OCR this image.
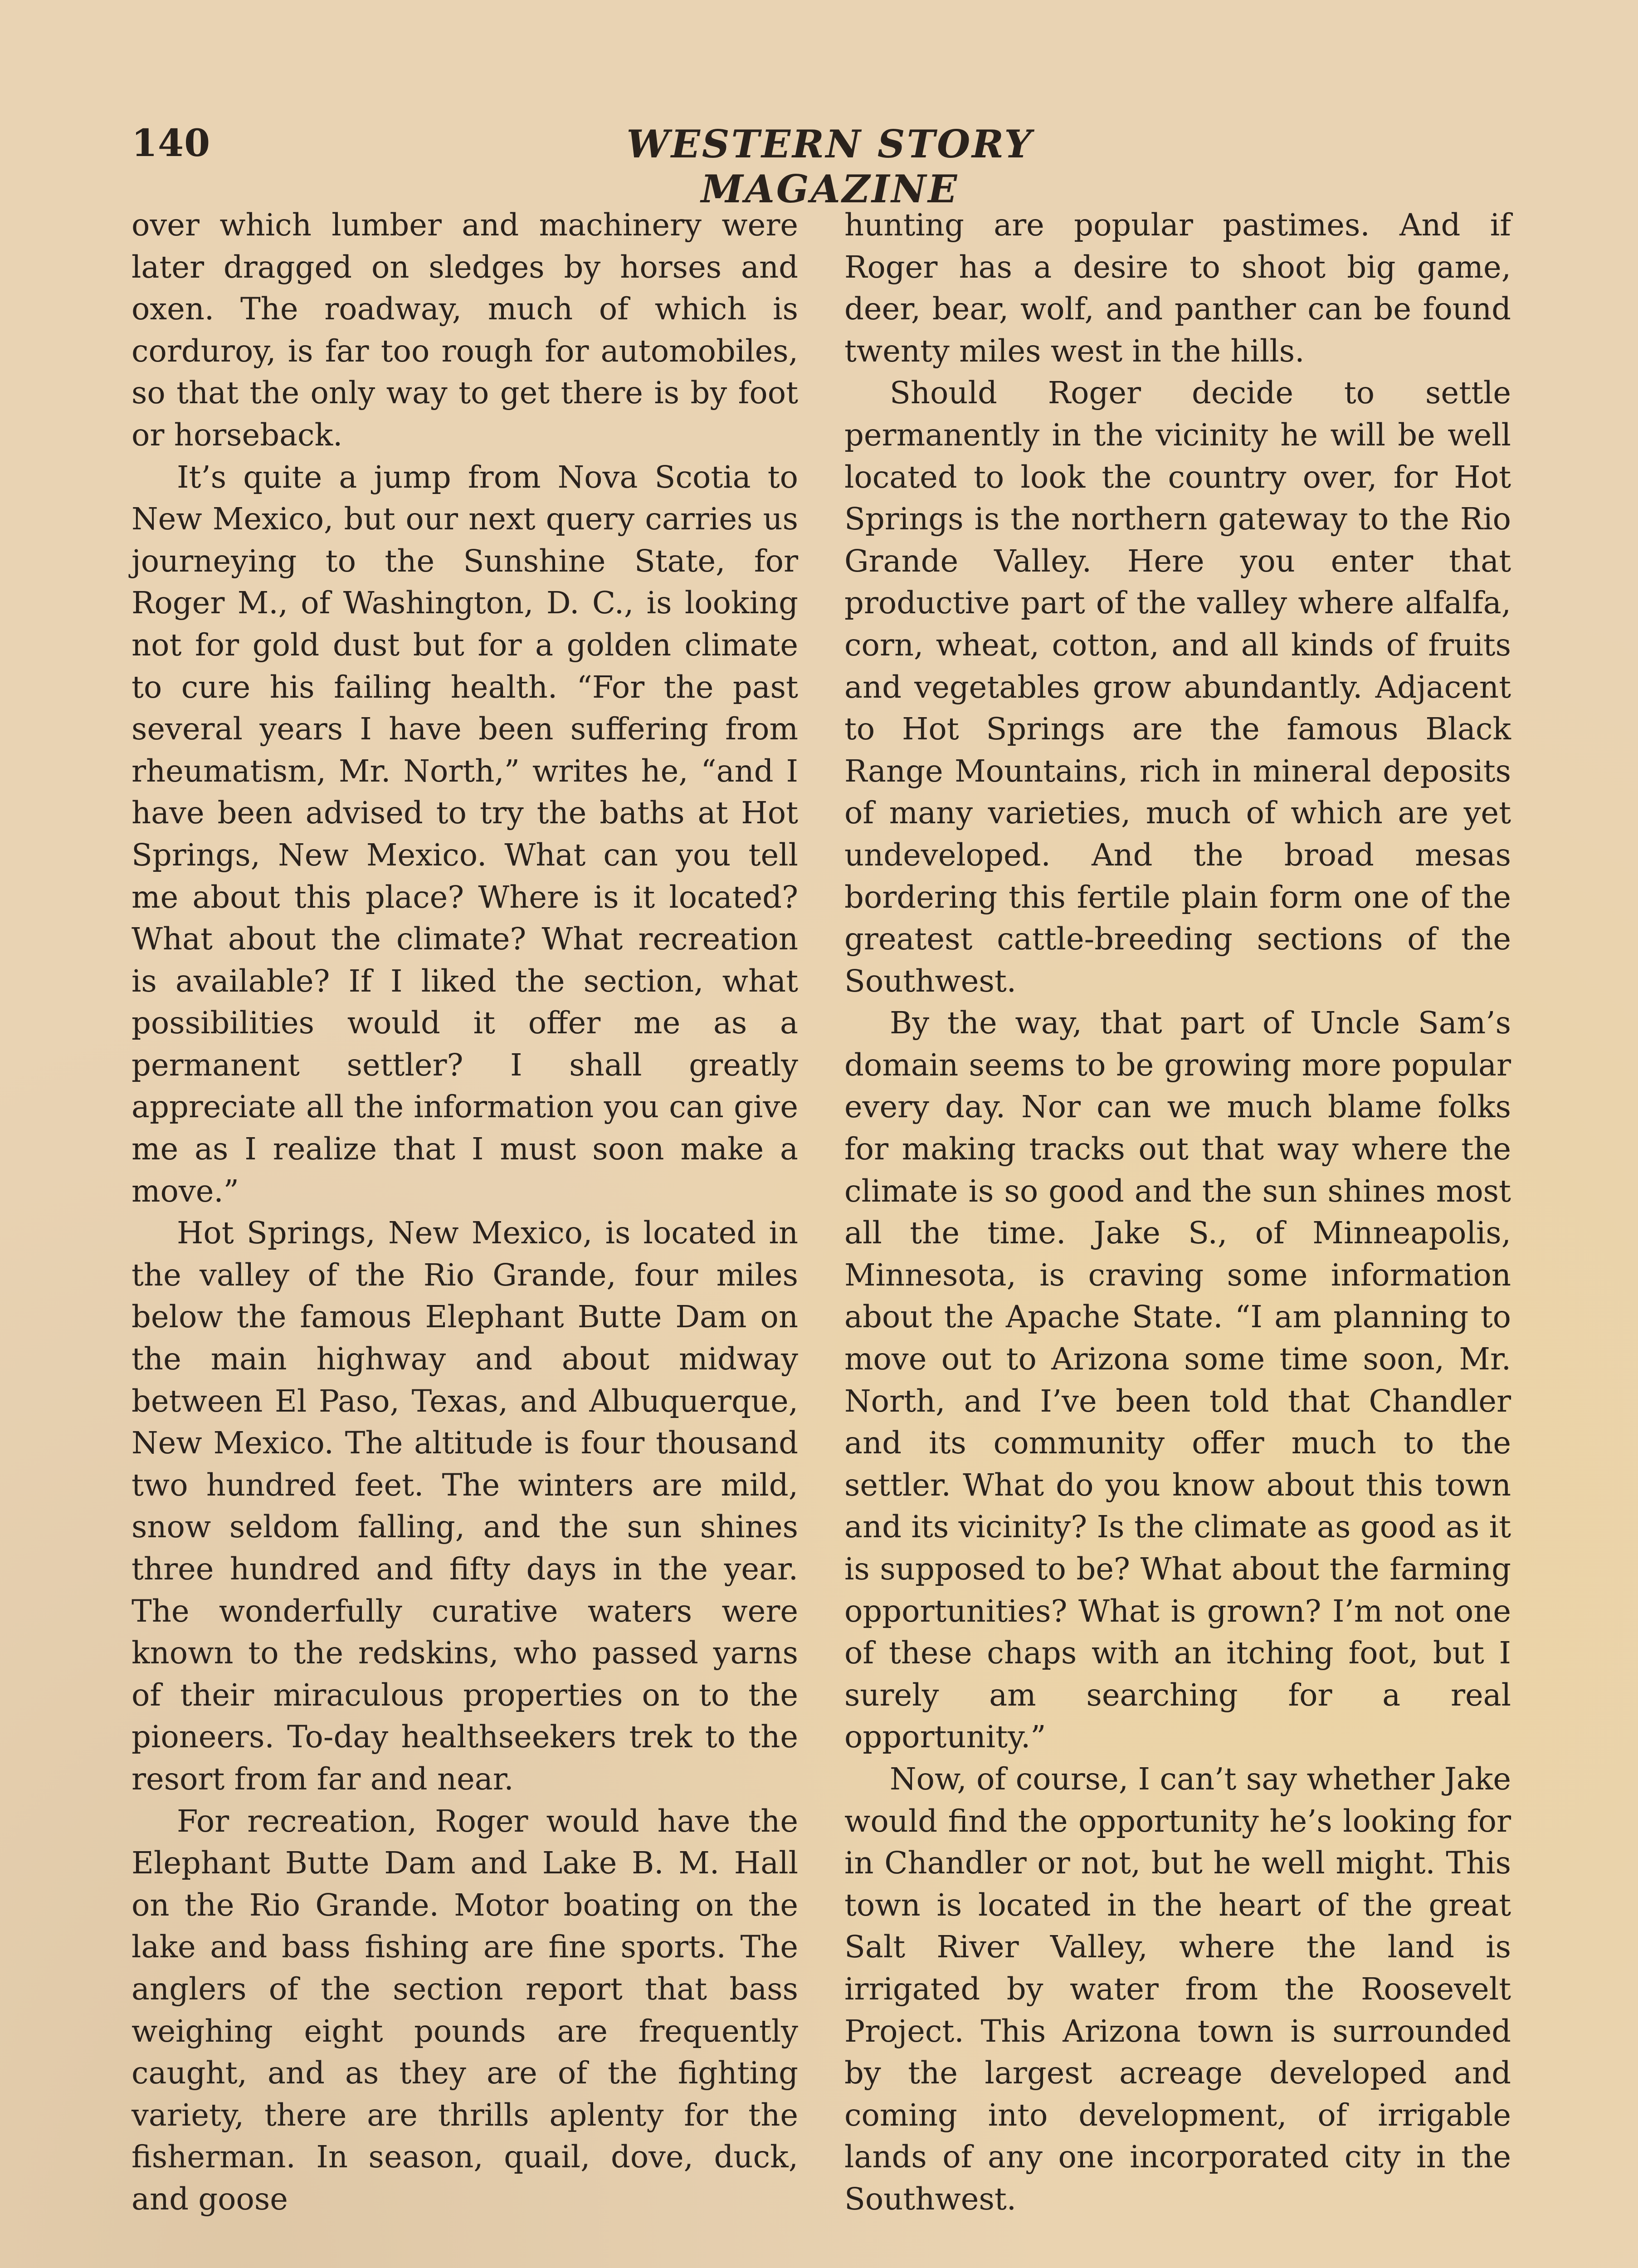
140	WESTERN STORY MAGAZINE

over which lumber and machinery were later dragged on sledges by horses and oxen. The roadway, much of which is corduroy, is far too rough for automobiles, so that the only way to get there is by foot or horseback.

It’s quite a jump from Nova Scotia to New Mexico, but our next query carries us journeying to the Sunshine State, for Roger M., of Washington, D. C., is looking not for gold dust but for a golden climate to cure his failing health. “For the past several years I have been suffering from rheumatism, Mr. North,” writes he, “and I have been advised to try the baths at Hot Springs, New Mexico. What can you tell me about this place? Where is it located? What about the climate? What recreation is available? If I liked the section, what possibilities would it offer me as a permanent settler? I shall greatly appreciate all the information you can give me as I realize that I must soon make a move.”

Hot Springs, New Mexico, is located in the valley of the Rio Grande, four miles below the famous Elephant Butte Dam on the main highway and about midway between El Paso, Texas, and Albuquerque, New Mexico. The altitude is four thousand two hundred feet. The winters are mild, snow seldom falling, and the sun shines three hundred and fifty days in the year. The wonderfully curative waters were known to the redskins, who passed yarns of their miraculous properties on to the pioneers. To-day healthseekers trek to the resort from far and near.

For recreation, Roger would have the Elephant Butte Dam and Lake B. M. Hall on the Rio Grande. Motor boating on the lake and bass fishing are fine sports. The anglers of the section report that bass weighing eight pounds are frequently caught, and as they are of the fighting variety, there are thrills aplenty for the fisherman. In season, quail, dove, duck, and goose

hunting are popular pastimes. And if Roger has a desire to shoot big game, deer, bear, wolf, and panther can be found twenty miles west in the hills.

Should Roger decide to settle permanently in the vicinity he will be well located to look the country over, for Hot Springs is the northern gateway to the Rio Grande Valley. Here you enter that productive part of the valley where alfalfa, corn, wheat, cotton, and all kinds of fruits and vegetables grow abundantly. Adjacent to Hot Springs are the famous Black Range Mountains, rich in mineral deposits of many varieties, much of which are yet undeveloped. And the broad mesas bordering this fertile plain form one of the greatest cattle-breeding sections of the Southwest.

By the way, that part of Uncle Sam’s domain seems to be growing more popular every day. Nor can we much blame folks for making tracks out that way where the climate is so good and the sun shines most all the time. Jake S., of Minneapolis, Minnesota, is craving some information about the Apache State. “I am planning to move out to Arizona some time soon, Mr. North, and I’ve been told that Chandler and its community offer much to the settler. What do you know about this town and its vicinity? Is the climate as good as it is supposed to be? What about the farming opportunities? What is grown? I’m not one of these chaps with an itching foot, but I surely am searching for a real opportunity.”

Now, of course, I can’t say whether Jake would find the opportunity he’s looking for in Chandler or not, but he well might. This town is located in the heart of the great Salt River Valley, where the land is irrigated by water from the Roosevelt Project. This Arizona town is surrounded by the largest acreage developed and coming into development, of irrigable lands of any one incorporated city in the Southwest.
